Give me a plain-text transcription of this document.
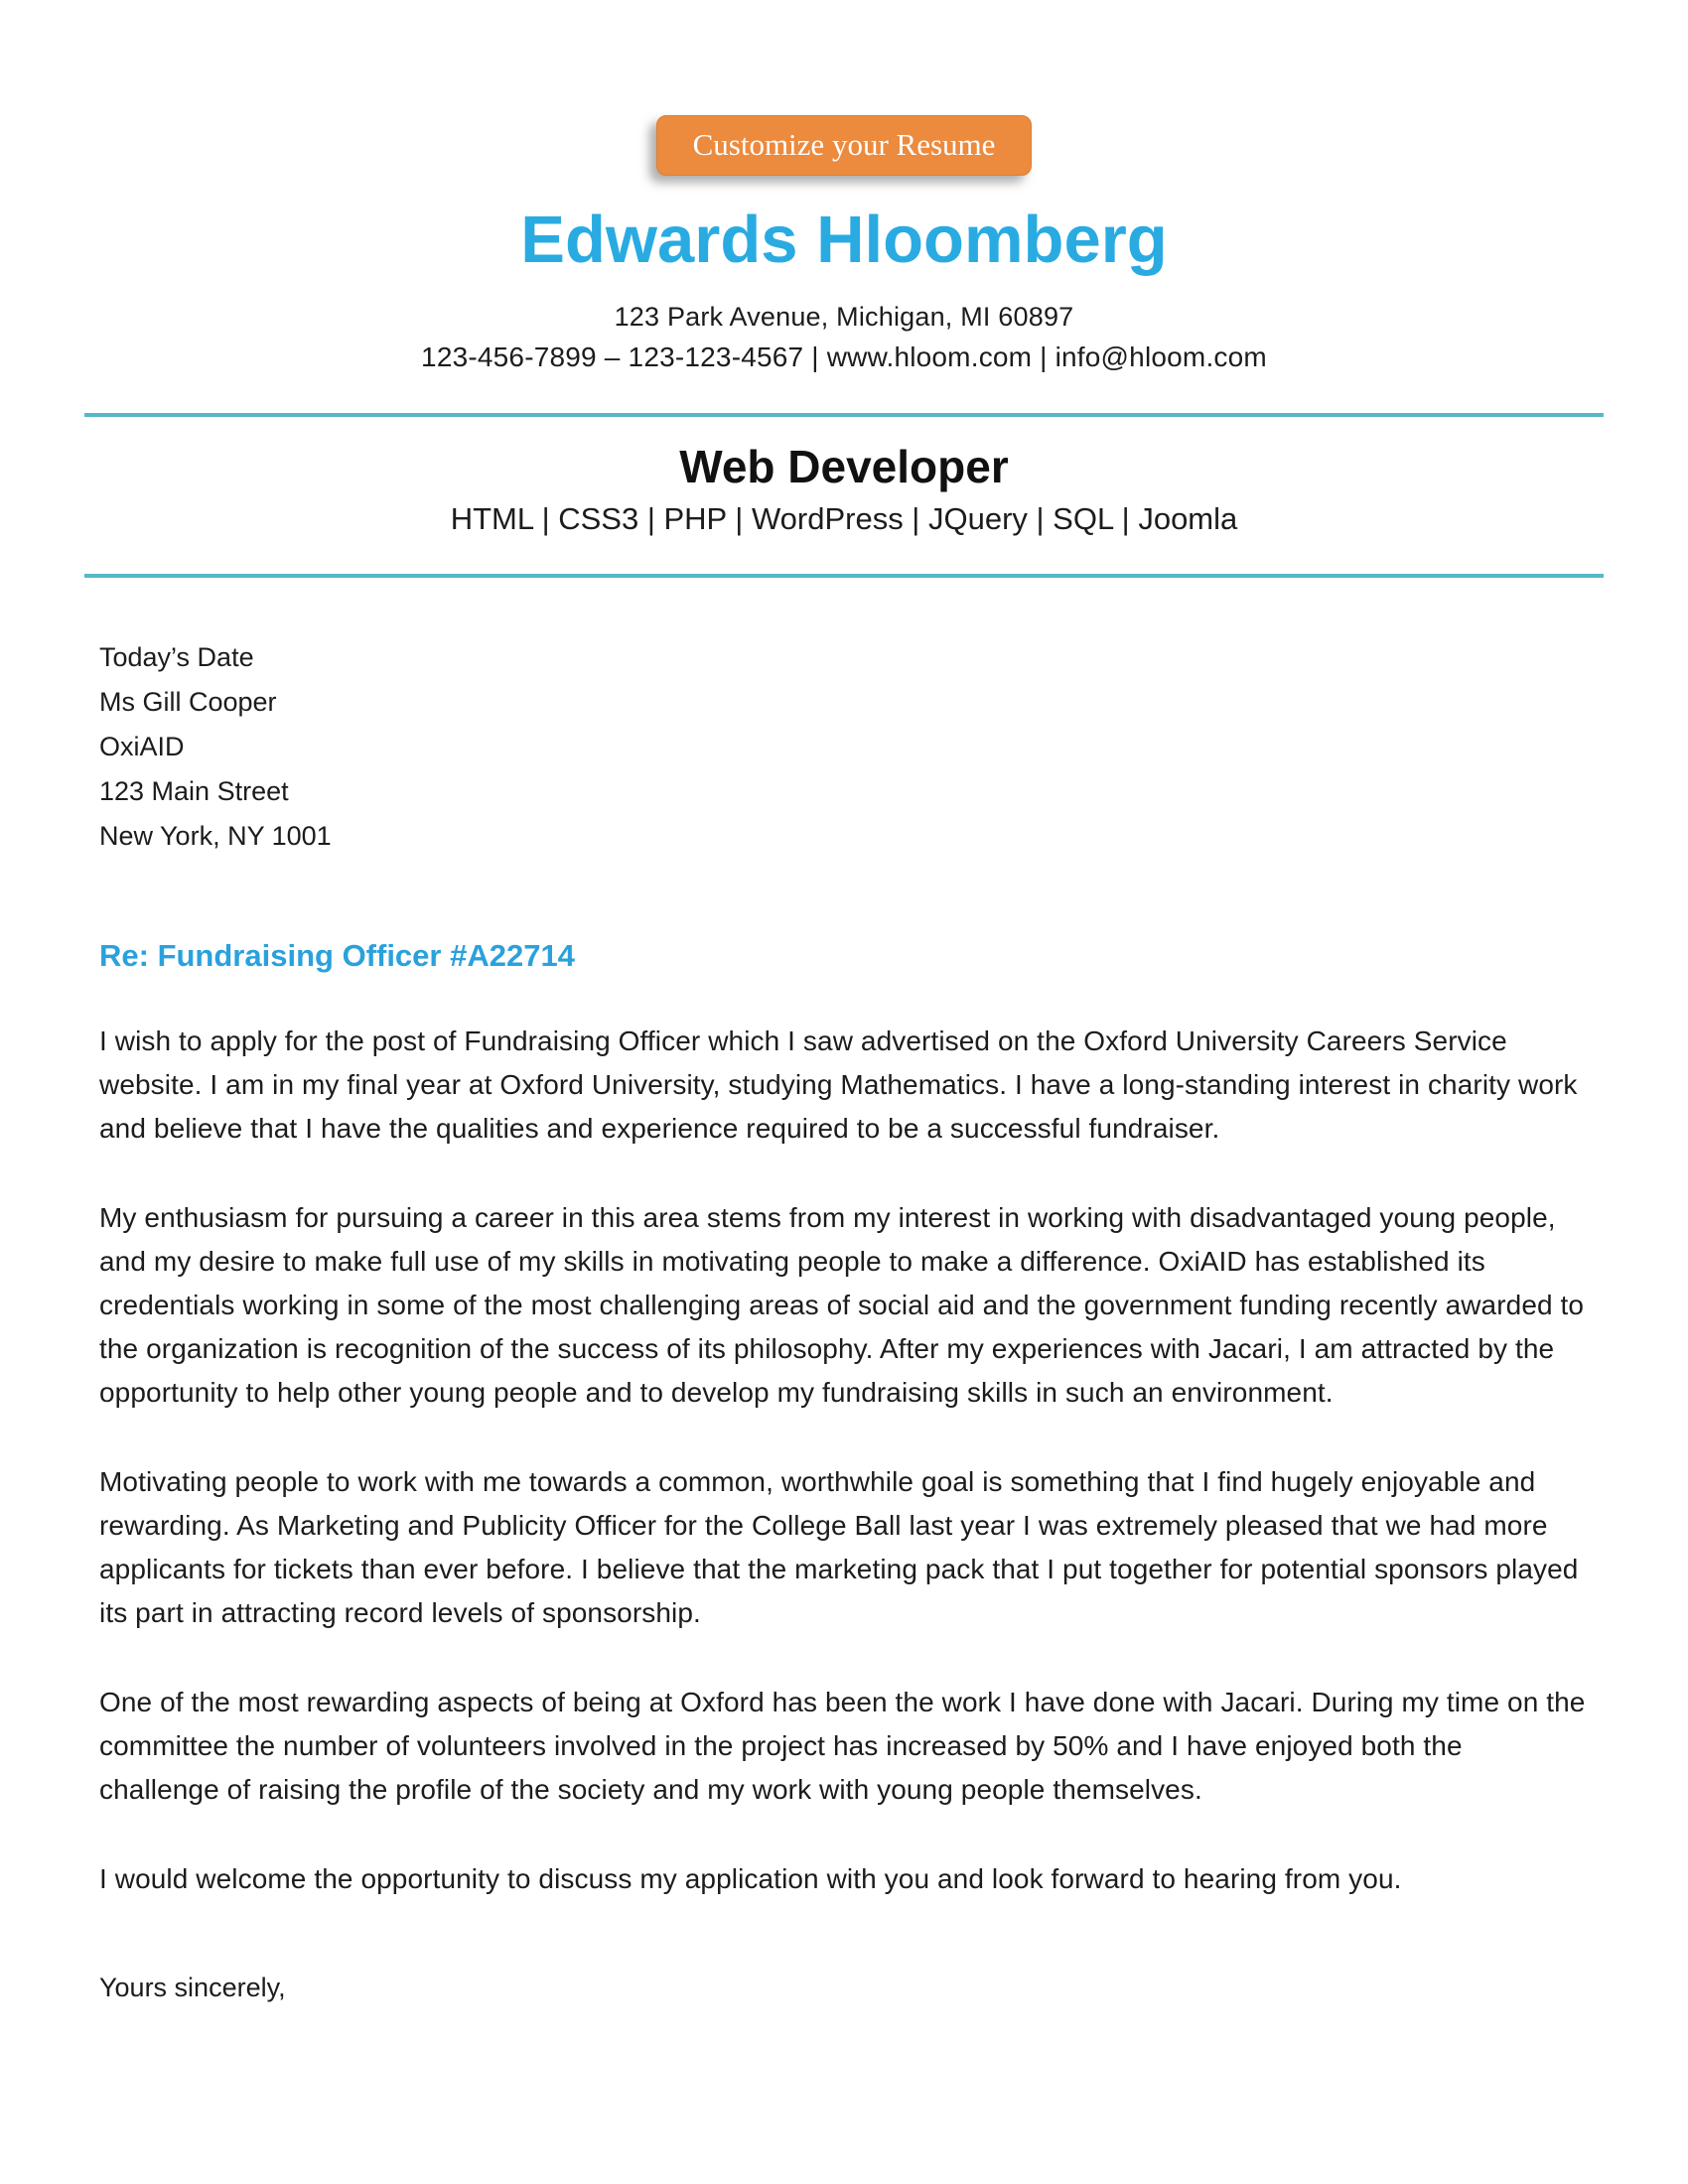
Customize your Resume
Edwards Hloomberg
123 Park Avenue, Michigan, MI 60897
123-456-7899 – 123-123-4567 | www.hloom.com | info@hloom.com
Web Developer
HTML | CSS3 | PHP | WordPress | JQuery | SQL | Joomla
Today’s Date
Ms Gill Cooper
OxiAID
123 Main Street
New York, NY 1001
Re: Fundraising Officer #A22714

I wish to apply for the post of Fundraising Officer which I saw advertised on the Oxford University Careers Service website. I am in my final year at Oxford University, studying Mathematics. I have a long-standing interest in charity work and believe that I have the qualities and experience required to be a successful fundraiser.

My enthusiasm for pursuing a career in this area stems from my interest in working with disadvantaged young people, and my desire to make full use of my skills in motivating people to make a difference. OxiAID has established its credentials working in some of the most challenging areas of social aid and the government funding recently awarded to the organization is recognition of the success of its philosophy. After my experiences with Jacari, I am attracted by the opportunity to help other young people and to develop my fundraising skills in such an environment.

Motivating people to work with me towards a common, worthwhile goal is something that I find hugely enjoyable and rewarding. As Marketing and Publicity Officer for the College Ball last year I was extremely pleased that we had more applicants for tickets than ever before. I believe that the marketing pack that I put together for potential sponsors played its part in attracting record levels of sponsorship.

One of the most rewarding aspects of being at Oxford has been the work I have done with Jacari. During my time on the committee the number of volunteers involved in the project has increased by 50% and I have enjoyed both the challenge of raising the profile of the society and my work with young people themselves.

I would welcome the opportunity to discuss my application with you and look forward to hearing from you.

Yours sincerely,
